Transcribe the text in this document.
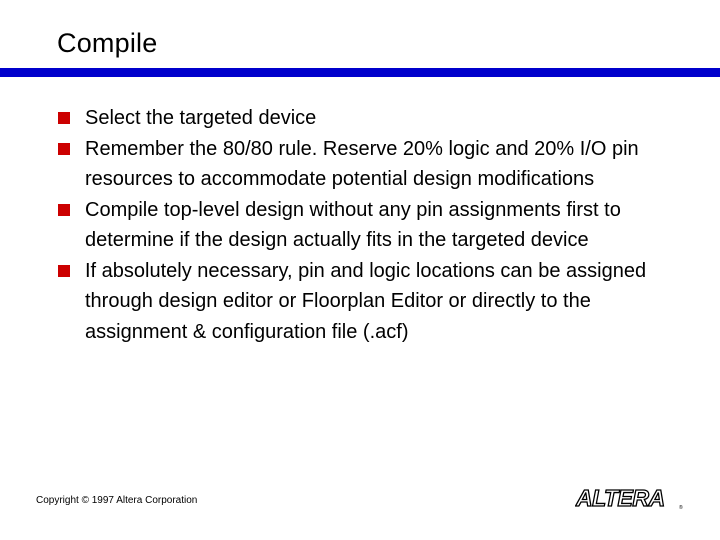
Compile
Select the targeted device
Remember the 80/80 rule. Reserve 20% logic and 20% I/O pin resources to accommodate potential design modifications
Compile top-level design without any pin assignments first to determine if the design actually fits in the targeted device
If absolutely necessary, pin and logic locations can be assigned through design editor or Floorplan Editor or directly to the assignment & configuration file (.acf)
Copyright © 1997 Altera Corporation	ALTERA	®
